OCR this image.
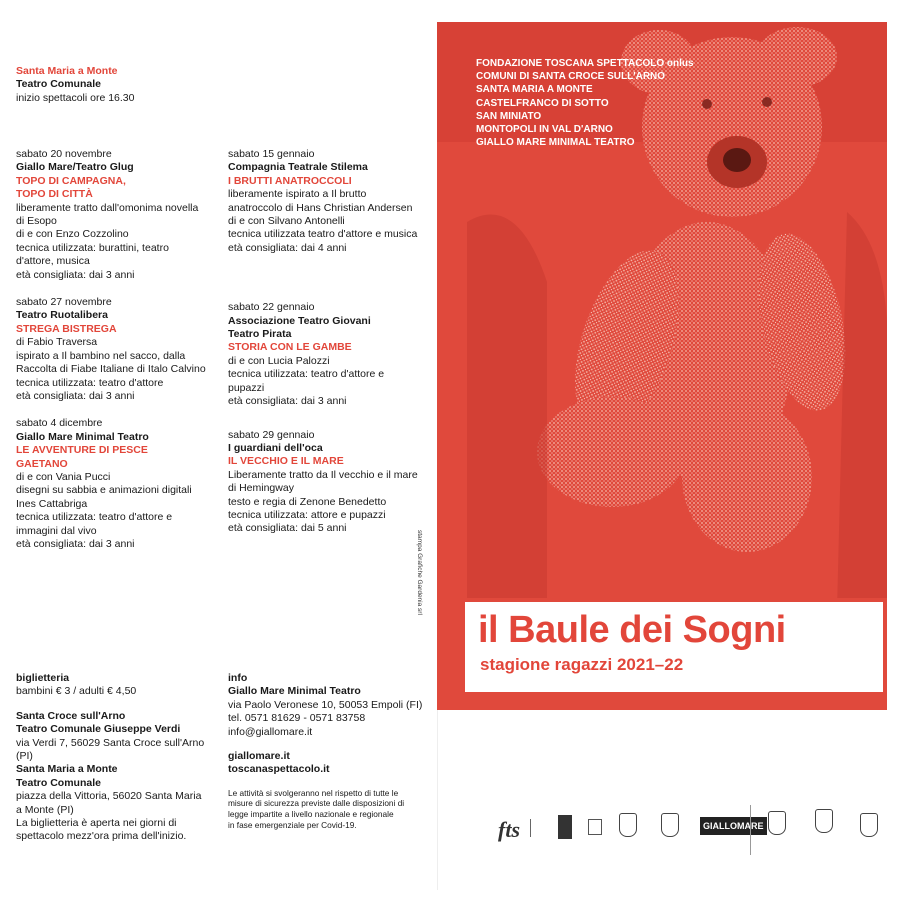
Santa Maria a Monte
Teatro Comunale
inizio spettacoli ore 16.30
sabato 20 novembre
Giallo Mare/Teatro Glug
TOPO DI CAMPAGNA,
TOPO DI CITTÀ
liberamente tratto dall'omonima novella
di Esopo
di e con Enzo Cozzolino
tecnica utilizzata: burattini, teatro
d'attore, musica
età consigliata: dai 3 anni
sabato 27 novembre
Teatro Ruotalibera
STREGA BISTREGA
di Fabio Traversa
ispirato a Il bambino nel sacco, dalla
Raccolta di Fiabe Italiane di Italo Calvino
tecnica utilizzata: teatro d'attore
età consigliata: dai 3 anni
sabato 4 dicembre
Giallo Mare Minimal Teatro
LE AVVENTURE DI PESCE
GAETANO
di e con Vania Pucci
disegni su sabbia e animazioni digitali
Ines Cattabriga
tecnica utilizzata: teatro d'attore e
immagini dal vivo
età consigliata: dai 3 anni
sabato 15 gennaio
Compagnia Teatrale Stilema
I BRUTTI ANATROCCOLI
liberamente ispirato a Il brutto
anatroccolo di Hans Christian Andersen
di e con Silvano Antonelli
tecnica utilizzata teatro d'attore e musica
età consigliata: dai 4 anni
sabato 22 gennaio
Associazione Teatro Giovani
Teatro Pirata
STORIA CON LE GAMBE
di e con Lucia Palozzi
tecnica utilizzata: teatro d'attore e
pupazzi
età consigliata: dai 3 anni
sabato 29 gennaio
I guardiani dell'oca
IL VECCHIO E IL MARE
Liberamente tratto da Il vecchio e il mare
di Hemingway
testo e regia di Zenone Benedetto
tecnica utilizzata: attore e pupazzi
età consigliata: dai 5 anni
stampa Grafiche Gardenia srl
biglietteria
bambini € 3 / adulti € 4,50
Santa Croce sull'Arno
Teatro Comunale Giuseppe Verdi
via Verdi 7, 56029 Santa Croce sull'Arno
(PI)
Santa Maria a Monte
Teatro Comunale
piazza della Vittoria, 56020 Santa Maria
a Monte (PI)
La biglietteria è aperta nei giorni di
spettacolo mezz'ora prima dell'inizio.
info
Giallo Mare Minimal Teatro
via Paolo Veronese 10, 50053 Empoli (FI)
tel. 0571 81629 - 0571 83758
info@giallomare.it
giallomare.it
toscanaspettacolo.it
Le attività si svolgeranno nel rispetto di tutte le
misure di sicurezza previste dalle disposizioni di
legge impartite a livello nazionale e regionale
in fase emergenziale per Covid-19.
FONDAZIONE TOSCANA SPETTACOLO onlus
COMUNI DI SANTA CROCE SULL'ARNO
SANTA MARIA A MONTE
CASTELFRANCO DI SOTTO
SAN MINIATO
MONTOPOLI IN VAL D'ARNO
GIALLO MARE MINIMAL TEATRO
il Baule dei Sogni
stagione ragazzi 2021–22
fts	GIALLOMARE
